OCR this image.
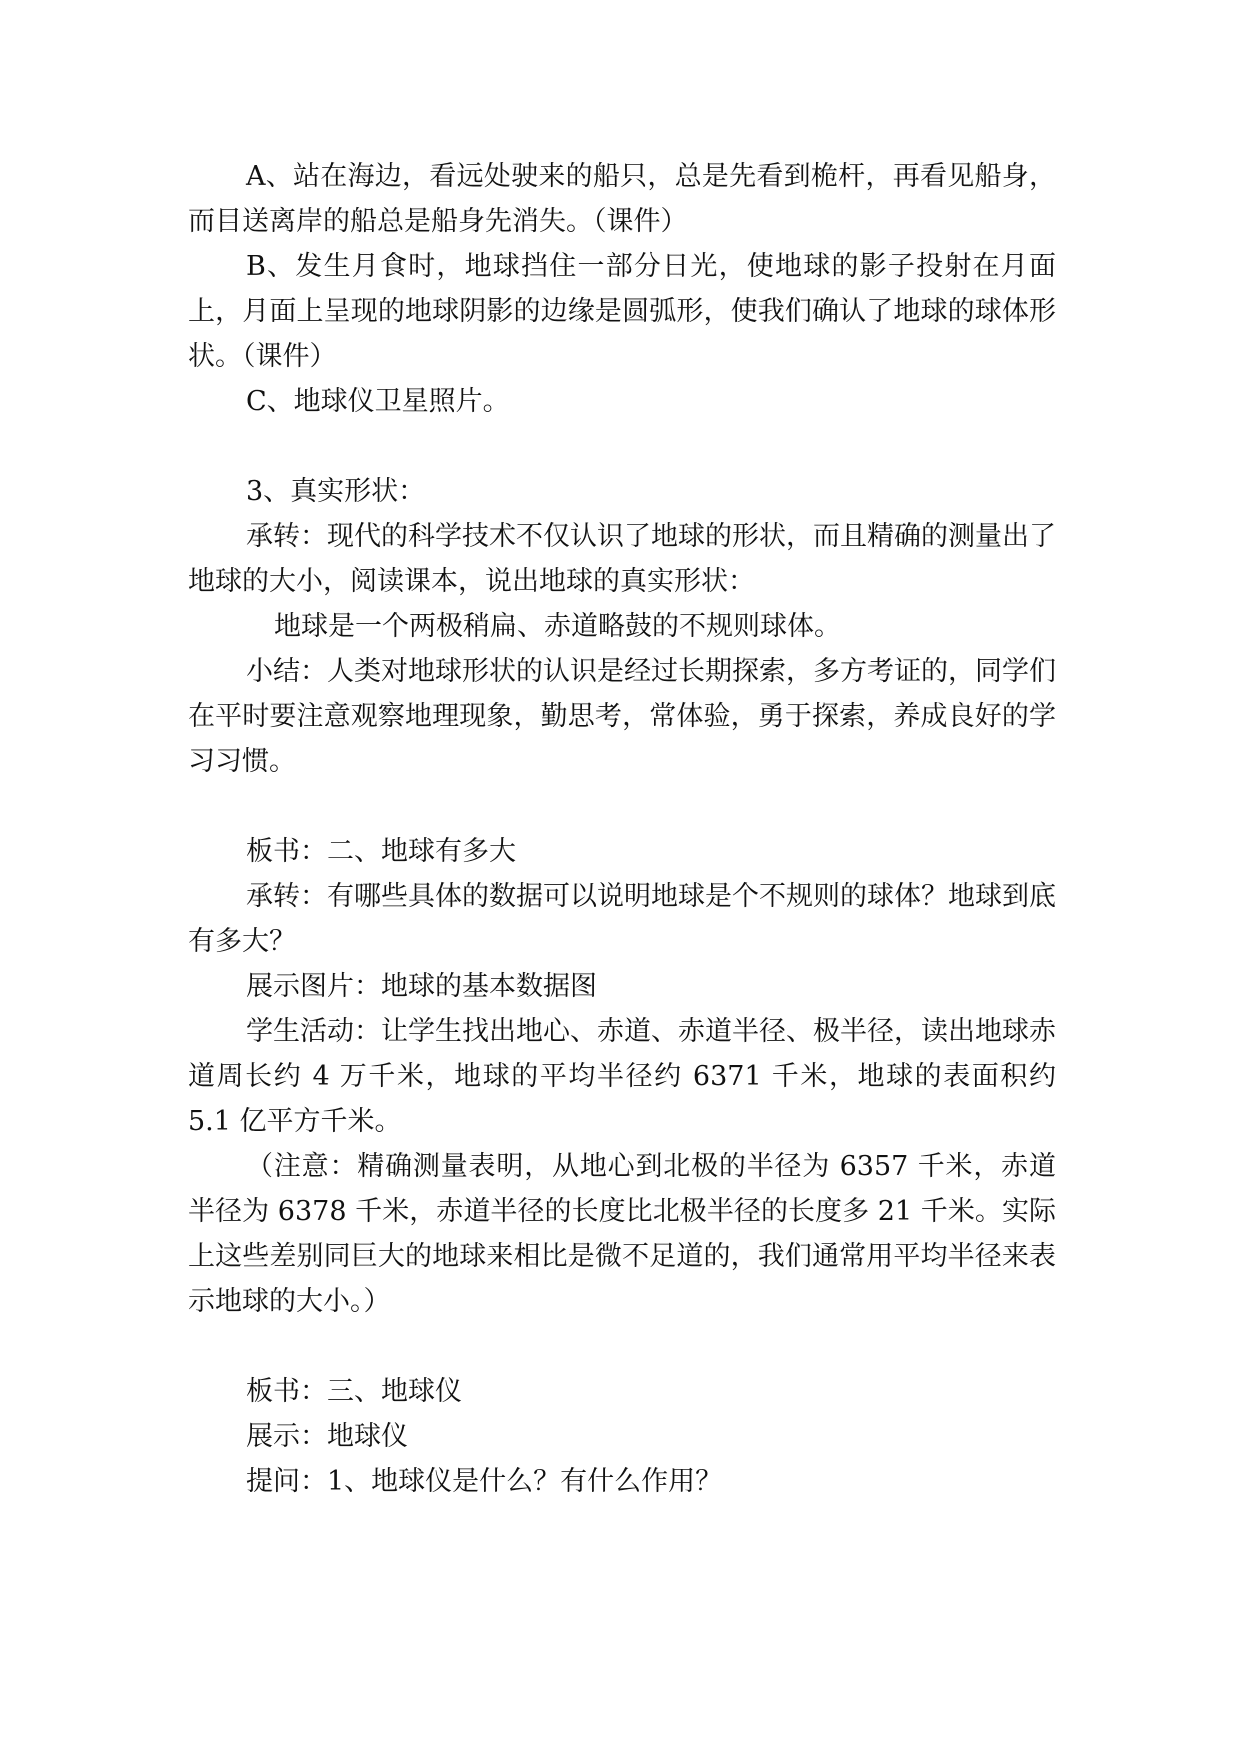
A、站在海边，看远处驶来的船只，总是先看到桅杆，再看见船身，而目送离岸的船总是船身先消失。（课件）

B、发生月食时，地球挡住一部分日光，使地球的影子投射在月面上，月面上呈现的地球阴影的边缘是圆弧形，使我们确认了地球的球体形状。（课件）

C、地球仪卫星照片。

3、真实形状：

承转：现代的科学技术不仅认识了地球的形状，而且精确的测量出了地球的大小，阅读课本，说出地球的真实形状：

地球是一个两极稍扁、赤道略鼓的不规则球体。

小结：人类对地球形状的认识是经过长期探索，多方考证的，同学们在平时要注意观察地理现象，勤思考，常体验，勇于探索，养成良好的学习习惯。

板书：二、地球有多大

承转：有哪些具体的数据可以说明地球是个不规则的球体？地球到底有多大？

展示图片：地球的基本数据图

学生活动：让学生找出地心、赤道、赤道半径、极半径，读出地球赤道周长约 4 万千米，地球的平均半径约 6371 千米，地球的表面积约 5.1 亿平方千米。

（注意：精确测量表明，从地心到北极的半径为 6357 千米，赤道半径为 6378 千米，赤道半径的长度比北极半径的长度多 21 千米。实际上这些差别同巨大的地球来相比是微不足道的，我们通常用平均半径来表示地球的大小。）

板书：三、地球仪

展示：地球仪

提问：1、地球仪是什么？有什么作用？
